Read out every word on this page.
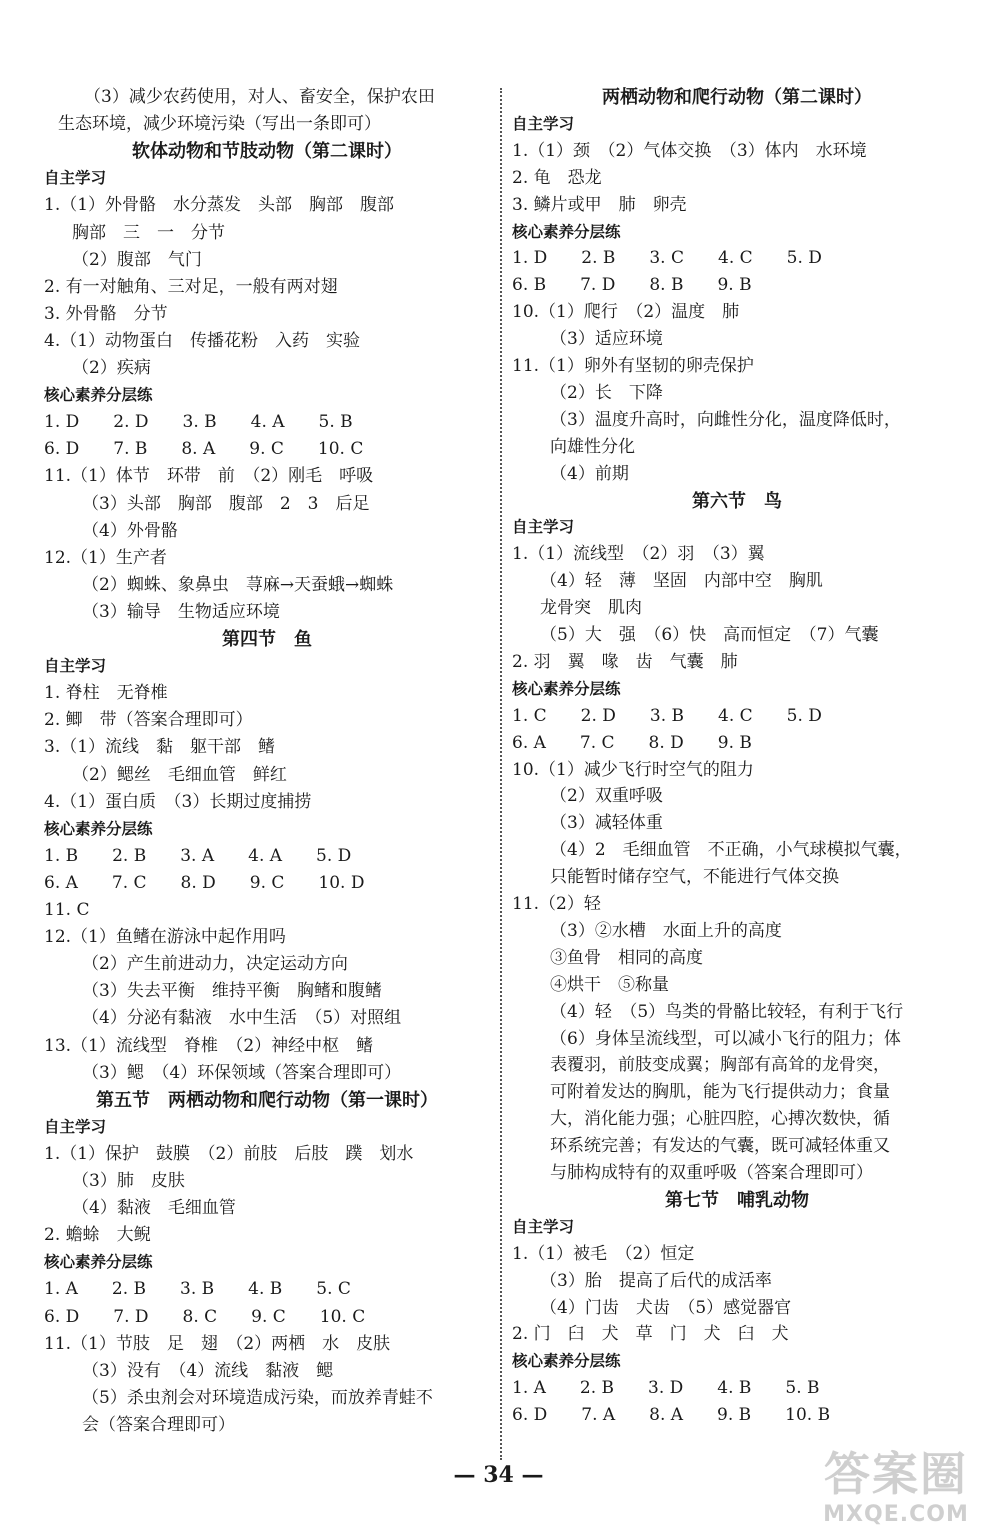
（3）减少农药使用，对人、畜安全，保护农田
生态环境，减少环境污染（写出一条即可）
软体动物和节肢动物（第二课时）
自主学习
1.（1）外骨骼　水分蒸发　头部　胸部　腹部
胸部　三　一　分节
（2）腹部　气门
2. 有一对触角、三对足，一般有两对翅
3. 外骨骼　分节
4.（1）动物蛋白　传播花粉　入药　实验
（2）疾病
核心素养分层练
1. D　　2. D　　3. B　　4. A　　5. B
6. D　　7. B　　8. A　　9. C　　10. C
11.（1）体节　环带　前　（2）刚毛　呼吸
（3）头部　胸部　腹部　2　3　后足
（4）外骨骼
12.（1）生产者
（2）蜘蛛、象鼻虫　荨麻→天蚕蛾→蜘蛛
（3）输导　生物适应环境
第四节　鱼
自主学习
1. 脊柱　无脊椎
2. 鲫　带（答案合理即可）
3.（1）流线　黏　躯干部　鳍
（2）鳃丝　毛细血管　鲜红
4.（1）蛋白质　（3）长期过度捕捞
核心素养分层练
1. B　　2. B　　3. A　　4. A　　5. D
6. A　　7. C　　8. D　　9. C　　10. D
11. C
12.（1）鱼鳍在游泳中起作用吗
（2）产生前进动力，决定运动方向
（3）失去平衡　维持平衡　胸鳍和腹鳍
（4）分泌有黏液　水中生活　（5）对照组
13.（1）流线型　脊椎　（2）神经中枢　鳍
（3）鳃　（4）环保领域（答案合理即可）
第五节　两栖动物和爬行动物（第一课时）
自主学习
1.（1）保护　鼓膜　（2）前肢　后肢　蹼　划水
（3）肺　皮肤
（4）黏液　毛细血管
2. 蟾蜍　大鲵
核心素养分层练
1. A　　2. B　　3. B　　4. B　　5. C
6. D　　7. D　　8. C　　9. C　　10. C
11.（1）节肢　足　翅　（2）两栖　水　皮肤
（3）没有　（4）流线　黏液　鳃
（5）杀虫剂会对环境造成污染，而放养青蛙不
会（答案合理即可）
两栖动物和爬行动物（第二课时）
自主学习
1.（1）颈　（2）气体交换　（3）体内　水环境
2. 龟　恐龙
3. 鳞片或甲　肺　卵壳
核心素养分层练
1. D　　2. B　　3. C　　4. C　　5. D
6. B　　7. D　　8. B　　9. B
10.（1）爬行　（2）温度　肺
（3）适应环境
11.（1）卵外有坚韧的卵壳保护
（2）长　下降
（3）温度升高时，向雌性分化，温度降低时，
向雄性分化
（4）前期
第六节　鸟
自主学习
1.（1）流线型　（2）羽　（3）翼
（4）轻　薄　坚固　内部中空　胸肌
龙骨突　肌肉
（5）大　强　（6）快　高而恒定　（7）气囊
2. 羽　翼　喙　齿　气囊　肺
核心素养分层练
1. C　　2. D　　3. B　　4. C　　5. D
6. A　　7. C　　8. D　　9. B
10.（1）减少飞行时空气的阻力
（2）双重呼吸
（3）减轻体重
（4）2　毛细血管　不正确，小气球模拟气囊，
只能暂时储存空气，不能进行气体交换
11.（2）轻
（3）②水槽　水面上升的高度
③鱼骨　相同的高度
④烘干　⑤称量
（4）轻　（5）鸟类的骨骼比较轻，有利于飞行
（6）身体呈流线型，可以减小飞行的阻力；体
表覆羽，前肢变成翼；胸部有高耸的龙骨突，
可附着发达的胸肌，能为飞行提供动力；食量
大，消化能力强；心脏四腔，心搏次数快，循
环系统完善；有发达的气囊，既可减轻体重又
与肺构成特有的双重呼吸（答案合理即可）
第七节　哺乳动物
自主学习
1.（1）被毛　（2）恒定
（3）胎　提高了后代的成活率
（4）门齿　犬齿　（5）感觉器官
2. 门　臼　犬　草　门　犬　臼　犬
核心素养分层练
1. A　　2. B　　3. D　　4. B　　5. B
6. D　　7. A　　8. A　　9. B　　10. B
— 34 —	答案圈
MXQE.COM
